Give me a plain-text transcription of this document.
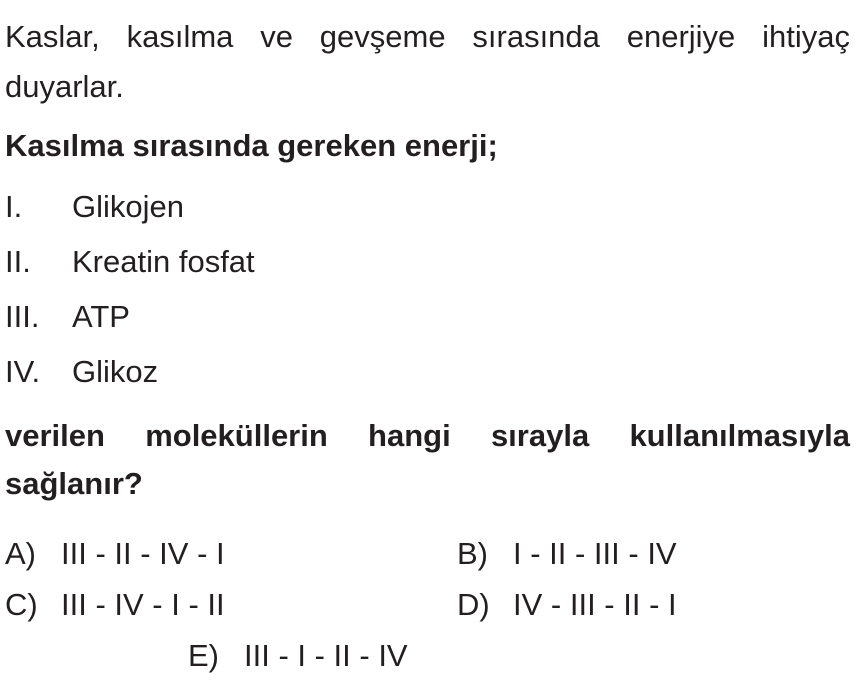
Kaslar, kasılma ve gevşeme sırasında enerjiye ihtiyaç duyarlar.

Kasılma sırasında gereken enerji;

I.	Glikojen
II.	Kreatin fosfat
III.	ATP
IV.	Glikoz

verilen moleküllerin hangi sırayla kullanılmasıyla sağlanır?

A) III - II - IV - I	B) I - II - III - IV
C) III - IV - I - II	D) IV - III - II - I
E) III - I - II - IV
